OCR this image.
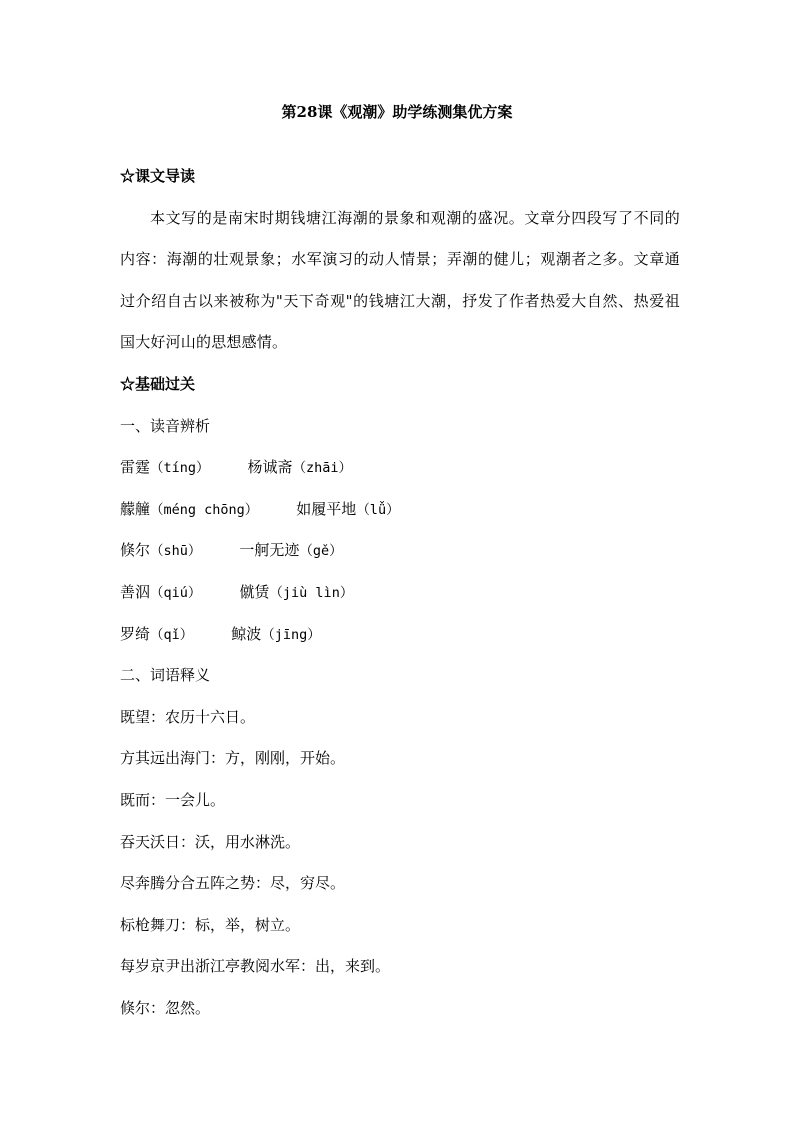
第28课《观潮》助学练测集优方案
☆课文导读
本文写的是南宋时期钱塘江海潮的景象和观潮的盛况。文章分四段写了不同的内容：海潮的壮观景象；水军演习的动人情景；弄潮的健儿；观潮者之多。文章通过介绍自古以来被称为"天下奇观"的钱塘江大潮，抒发了作者热爱大自然、热爱祖国大好河山的思想感情。
☆基础过关
一、读音辨析
雷霆（tíng）	杨诚斋（zhāi）
艨艟（méng chōng）	如履平地（lǚ）
倏尔（shū）	一舸无迹（gě）
善泅（qiú）	僦赁（jiù lìn）
罗绮（qǐ）	鲸波（jīng）
二、词语释义
既望：农历十六日。
方其远出海门：方，刚刚，开始。
既而：一会儿。
吞天沃日：沃，用水淋洗。
尽奔腾分合五阵之势：尽，穷尽。
标枪舞刀：标，举，树立。
每岁京尹出浙江亭教阅水军：出，来到。
倏尔：忽然。
